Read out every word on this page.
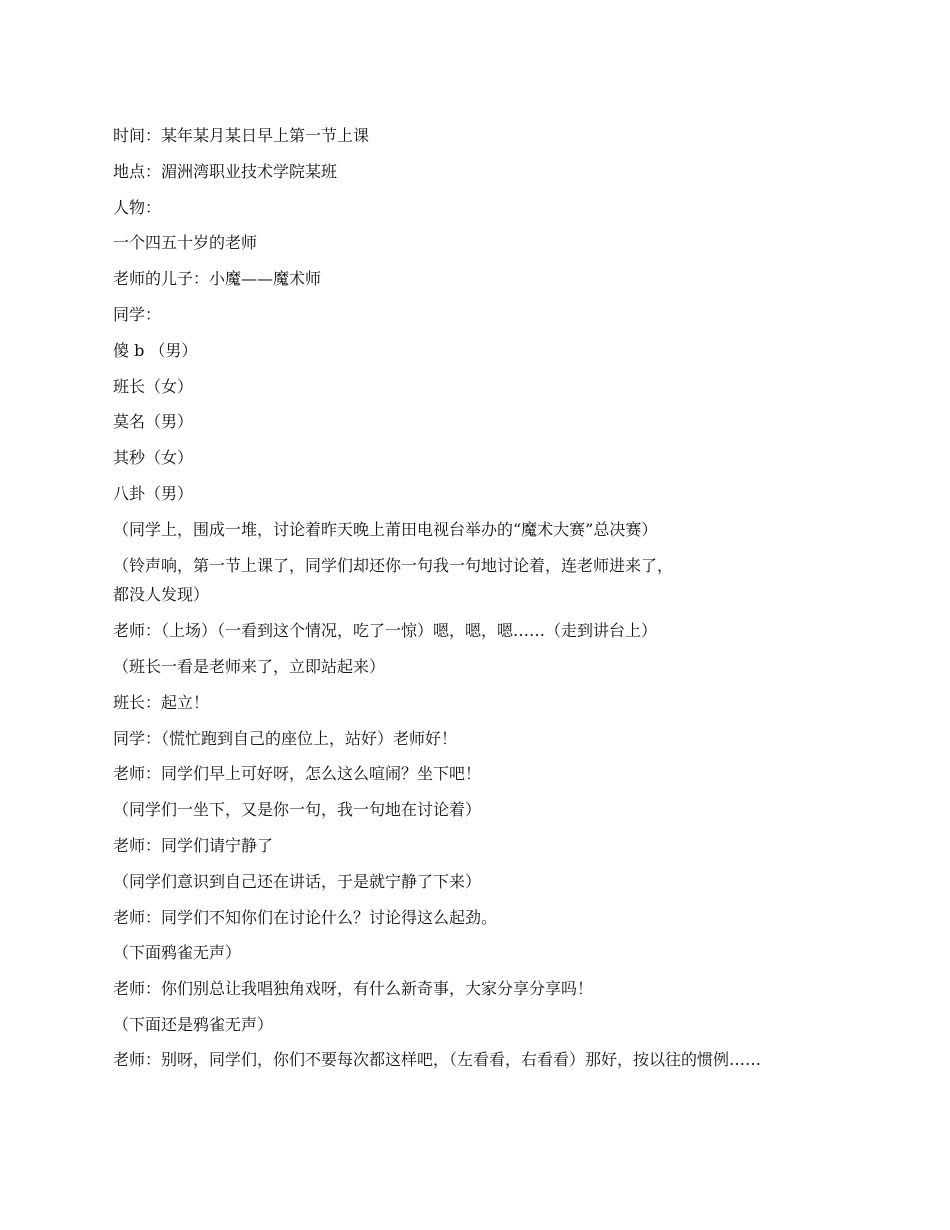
时间：某年某月某日早上第一节上课
地点：湄洲湾职业技术学院某班
人物：
一个四五十岁的老师
老师的儿子：小魔——魔术师
同学：
傻 b （男）
班长（女）
莫名（男）
其秒（女）
八卦（男）
（同学上，围成一堆，讨论着昨天晚上莆田电视台举办的“魔术大赛”总决赛）
（铃声响，第一节上课了，同学们却还你一句我一句地讨论着，连老师进来了，
都没人发现）
老师：（上场）（一看到这个情况，吃了一惊）嗯，嗯，嗯……（走到讲台上）
（班长一看是老师来了，立即站起来）
班长：起立！
同学：（慌忙跑到自己的座位上，站好）老师好！
老师：同学们早上可好呀，怎么这么喧闹？坐下吧！
（同学们一坐下，又是你一句，我一句地在讨论着）
老师：同学们请宁静了
（同学们意识到自己还在讲话，于是就宁静了下来）
老师：同学们不知你们在讨论什么？讨论得这么起劲。
（下面鸦雀无声）
老师：你们别总让我唱独角戏呀，有什么新奇事，大家分享分享吗！
（下面还是鸦雀无声）
老师：别呀，同学们，你们不要每次都这样吧，（左看看，右看看）那好，按以往的惯例……
